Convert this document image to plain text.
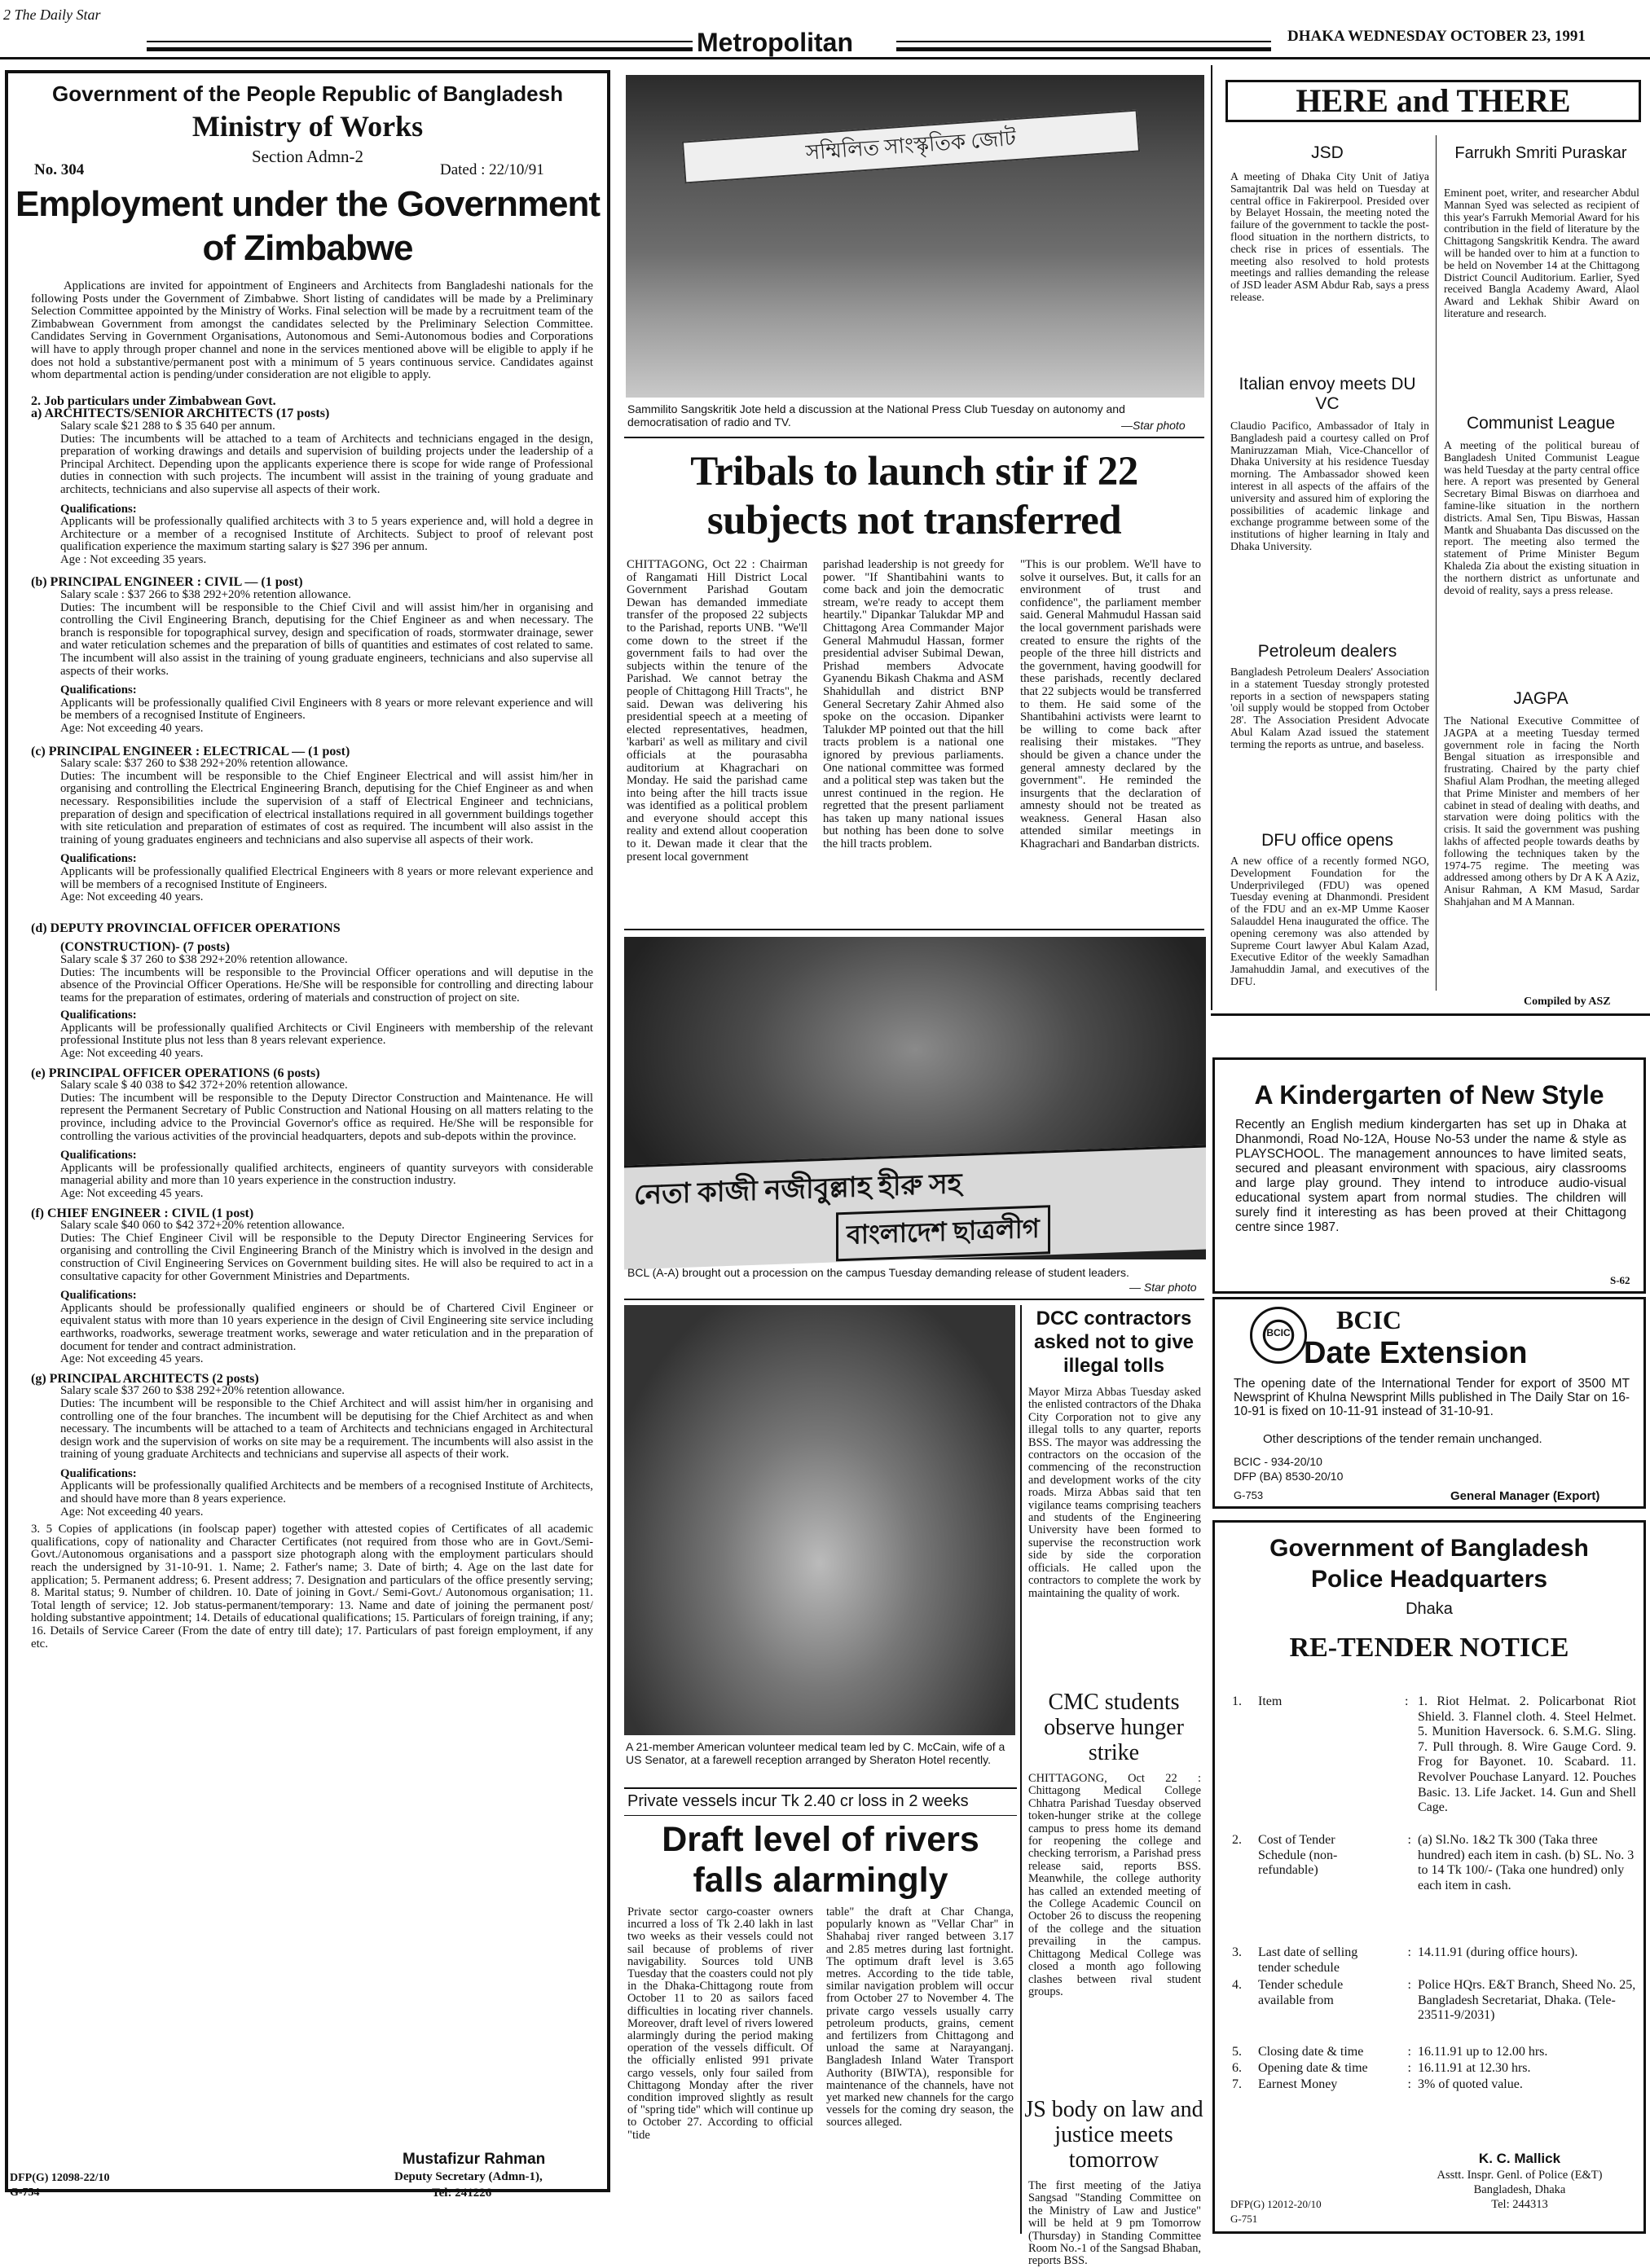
2 The Daily Star
Metropolitan	DHAKA WEDNESDAY OCTOBER 23, 1991
Government of the People Republic of Bangladesh
Ministry of Works
Section Admn-2
No. 304	Dated : 22/10/91
Employment under the Government
of Zimbabwe

Applications are invited for appointment of Engineers and Architects from Bangladeshi nationals for the following Posts under the Government of Zimbabwe. Short listing of candidates will be made by a Preliminary Selection Committee appointed by the Ministry of Works. Final selection will be made by a recruitment team of the Zimbabwean Government from amongst the candidates selected by the Preliminary Selection Committee. Candidates Serving in Government Organisations, Autonomous and Semi-Autonomous bodies and Corporations will have to apply through proper channel and none in the services mentioned above will be eligible to apply if he does not hold a substantive/permanent post with a minimum of 5 years continuous service. Candidates against whom departmental action is pending/under consideration are not eligible to apply.

2. Job particulars under Zimbabwean Govt.

a) ARCHITECTS/SENIOR ARCHITECTS (17 posts)

Salary scale $21 288 to $ 35 640 per annum.

Duties: The incumbents will be attached to a team of Architects and technicians engaged in the design, preparation of working drawings and details and supervision of building projects under the leadership of a Principal Architect. Depending upon the applicants experience there is scope for wide range of Professional duties in connection with such projects. The incumbent will assist in the training of young graduate and architects, technicians and also supervise all aspects of their work.

Qualifications:

Applicants will be professionally qualified architects with 3 to 5 years experience and, will hold a degree in Architecture or a member of a recognised Institute of Architects. Subject to proof of relevant post qualification experience the maximum starting salary is $27 396 per annum.

Age : Not exceeding 35 years.

(b) PRINCIPAL ENGINEER : CIVIL — (1 post)

Salary scale : $37 266 to $38 292+20% retention allowance.

Duties: The incumbent will be responsible to the Chief Civil and will assist him/her in organising and controlling the Civil Engineering Branch, deputising for the Chief Engineer as and when necessary. The branch is responsible for topographical survey, design and specification of roads, stormwater drainage, sewer and water reticulation schemes and the preparation of bills of quantities and estimates of cost related to same. The incumbent will also assist in the training of young graduate engineers, technicians and also supervise all aspects of their works.

Qualifications:

Applicants will be professionally qualified Civil Engineers with 8 years or more relevant experience and will be members of a recognised Institute of Engineers.

Age: Not exceeding 40 years.

(c) PRINCIPAL ENGINEER : ELECTRICAL — (1 post)

Salary scale: $37 260 to $38 292+20% retention allowance.

Duties: The incumbent will be responsible to the Chief Engineer Electrical and will assist him/her in organising and controlling the Electrical Engineering Branch, deputising for the Chief Engineer as and when necessary. Responsibilities include the supervision of a staff of Electrical Engineer and technicians, preparation of design and specification of electrical installations required in all government buildings together with site reticulation and preparation of estimates of cost as required. The incumbent will also assist in the training of young graduates engineers and technicians and also supervise all aspects of their work.

Qualifications:

Applicants will be professionally qualified Electrical Engineers with 8 years or more relevant experience and will be members of a recognised Institute of Engineers.

Age: Not exceeding 40 years.

(d) DEPUTY PROVINCIAL OFFICER OPERATIONS

(CONSTRUCTION)- (7 posts)

Salary scale $ 37 260 to $38 292+20% retention allowance.

Duties: The incumbents will be responsible to the Provincial Officer operations and will deputise in the absence of the Provincial Officer Operations. He/She will be responsible for controlling and directing labour teams for the preparation of estimates, ordering of materials and construction of project on site.

Qualifications:

Applicants will be professionally qualified Architects or Civil Engineers with membership of the relevant professional Institute plus not less than 8 years relevant experience.

Age: Not exceeding 40 years.

(e) PRINCIPAL OFFICER OPERATIONS (6 posts)

Salary scale $ 40 038 to $42 372+20% retention allowance.

Duties: The incumbent will be responsible to the Deputy Director Construction and Maintenance. He will represent the Permanent Secretary of Public Construction and National Housing on all matters relating to the province, including advice to the Provincial Governor's office as required. He/She will be responsible for controlling the various activities of the provincial headquarters, depots and sub-depots within the province.

Qualifications:

Applicants will be professionally qualified architects, engineers of quantity surveyors with considerable managerial ability and more than 10 years experience in the construction industry.

Age: Not exceeding 45 years.

(f) CHIEF ENGINEER : CIVIL (1 post)

Salary scale $40 060 to $42 372+20% retention allowance.

Duties: The Chief Engineer Civil will be responsible to the Deputy Director Engineering Services for organising and controlling the Civil Engineering Branch of the Ministry which is involved in the design and construction of Civil Engineering Services on Government building sites. He will also be required to act in a consultative capacity for other Government Ministries and Departments.

Qualifications:

Applicants should be professionally qualified engineers or should be of Chartered Civil Engineer or equivalent status with more than 10 years experience in the design of Civil Engineering site service including earthworks, roadworks, sewerage treatment works, sewerage and water reticulation and in the preparation of document for tender and contract administration.

Age: Not exceeding 45 years.

(g) PRINCIPAL ARCHITECTS (2 posts)

Salary scale $37 260 to $38 292+20% retention allowance.

Duties: The incumbent will be responsible to the Chief Architect and will assist him/her in organising and controlling one of the four branches. The incumbent will be deputising for the Chief Architect as and when necessary. The incumbents will be attached to a team of Architects and technicians engaged in Architectural design work and the supervision of works on site may be a requirement. The incumbents will also assist in the training of young graduate Architects and technicians and supervise all aspects of their work.

Qualifications:

Applicants will be professionally qualified Architects and be members of a recognised Institute of Architects, and should have more than 8 years experience.

Age: Not exceeding 40 years.

3. 5 Copies of applications (in foolscap paper) together with attested copies of Certificates of all academic qualifications, copy of nationality and Character Certificates (not required from those who are in Govt./Semi-Govt./Autonomous organisations and a passport size photograph along with the employment particulars should reach the undersigned by 31-10-91. 1. Name; 2. Father's name; 3. Date of birth; 4. Age on the last date for application; 5. Permanent address; 6. Present address; 7. Designation and particulars of the office presently serving; 8. Marital status; 9. Number of children. 10. Date of joining in Govt./ Semi-Govt./ Autonomous organisation; 11. Total length of service; 12. Job status-permanent/temporary: 13. Name and date of joining the permanent post/ holding substantive appointment; 14. Details of educational qualifications; 15. Particulars of foreign training, if any; 16. Details of Service Career (From the date of entry till date); 17. Particulars of past foreign employment, if any etc.

Mustafizur Rahman
Deputy Secretary (Admn-1),
Tel: 241226
DFP(G) 12098-22/10
G-754
সম্মিলিত সাংস্কৃতিক জোট
Sammilito Sangskritik Jote held a discussion at the National Press Club Tuesday on autonomy and democratisation of radio and TV.	—Star photo
Tribals to launch stir if 22
subjects not transferred
CHITTAGONG, Oct 22 : Chairman of Rangamati Hill District Local Government Parishad Goutam Dewan has demanded immediate transfer of the proposed 22 subjects to the Parishad, reports UNB. "We'll come down to the street if the government fails to had over the subjects within the tenure of the Parishad. We cannot betray the people of Chittagong Hill Tracts", he said. Dewan was delivering his presidential speech at a meeting of elected representatives, headmen, 'karbari' as well as military and civil officials at the pourasabha auditorium at Khagrachari on Monday. He said the parishad came into being after the hill tracts issue was identified as a political problem and everyone should accept this reality and extend allout cooperation to it. Dewan made it clear that the present local government
parishad leadership is not greedy for power. "If Shantibahini wants to come back and join the democratic stream, we're ready to accept them heartily." Dipankar Talukdar MP and Chittagong Area Commander Major General Mahmudul Hassan, former presidential adviser Subimal Dewan, Prishad members Advocate Gyanendu Bikash Chakma and ASM Shahidullah and district BNP General Secretary Zahir Ahmed also spoke on the occasion. Dipanker Talukder MP pointed out that the hill tracts problem is a national one ignored by previous parliaments. One national committee was formed and a political step was taken but the unrest continued in the region. He regretted that the present parliament has taken up many national issues but nothing has been done to solve the hill tracts problem.
"This is our problem. We'll have to solve it ourselves. But, it calls for an environment of trust and confidence", the parliament member said. General Mahmudul Hassan said the local government parishads were created to ensure the rights of the people of the three hill districts and the government, having goodwill for these parishads, recently declared that 22 subjects would be transferred to them. He said some of the Shantibahini activists were learnt to be willing to come back after realising their mistakes. "They should be given a chance under the general amnesty declared by the government". He reminded the insurgents that the declaration of amnesty should not be treated as weakness. General Hasan also attended similar meetings in Khagrachari and Bandarban districts.
নেতা কাজী নজীবুল্লাহ হীরু সহ
বাংলাদেশ ছাত্রলীগ
BCL (A-A) brought out a procession on the campus Tuesday demanding release of student leaders.
— Star photo
A 21-member American volunteer medical team led by C. McCain, wife of a US Senator, at a farewell reception arranged by Sheraton Hotel recently.
Private vessels incur Tk 2.40 cr loss in 2 weeks
Draft level of rivers
falls alarmingly
Private sector cargo-coaster owners incurred a loss of Tk 2.40 lakh in last two weeks as their vessels could not sail because of problems of river navigability. Sources told UNB Tuesday that the coasters could not ply in the Dhaka-Chittagong route from October 11 to 20 as sailors faced difficulties in locating river channels. Moreover, draft level of rivers lowered alarmingly during the period making operation of the vessels difficult. Of the officially enlisted 991 private cargo vessels, only four sailed from Chittagong Monday after the river condition improved slightly as result of "spring tide" which will continue up to October 27. According to official "tide
table" the draft at Char Changa, popularly known as "Vellar Char" in Shahabaj river ranged between 3.17 and 2.85 metres during last fortnight. The optimum draft level is 3.65 metres. According to the tide table, similar navigation problem will occur from October 27 to November 4. The private cargo vessels usually carry petroleum products, grains, cement and fertilizers from Chittagong and unload the same at Narayanganj. Bangladesh Inland Water Transport Authority (BIWTA), responsible for maintenance of the channels, have not yet marked new channels for the cargo vessels for the coming dry season, the sources alleged.
DCC contractors asked not to give illegal tolls
Mayor Mirza Abbas Tuesday asked the enlisted contractors of the Dhaka City Corporation not to give any illegal tolls to any quarter, reports BSS. The mayor was addressing the contractors on the occasion of the commencing of the reconstruction and development works of the city roads. Mirza Abbas said that ten vigilance teams comprising teachers and students of the Engineering University have been formed to supervise the reconstruction work side by side the corporation officials. He called upon the contractors to complete the work by maintaining the quality of work.
CMC students observe hunger strike
CHITTAGONG, Oct 22 : Chittagong Medical College Chhatra Parishad Tuesday observed token-hunger strike at the college campus to press home its demand for reopening the college and checking terrorism, a Parishad press release said, reports BSS. Meanwhile, the college authority has called an extended meeting of the College Academic Council on October 26 to discuss the reopening of the college and the situation prevailing in the campus. Chittagong Medical College was closed a month ago following clashes between rival student groups.
JS body on law and justice meets tomorrow
The first meeting of the Jatiya Sangsad "Standing Committee on the Ministry of Law and Justice" will be held at 9 pm Tomorrow (Thursday) in Standing Committee Room No.-1 of the Sangsad Bhaban, reports BSS.
HERE and THERE
JSD
A meeting of Dhaka City Unit of Jatiya Samajtantrik Dal was held on Tuesday at central office in Fakirerpool. Presided over by Belayet Hossain, the meeting noted the failure of the government to tackle the post-flood situation in the northern districts, to check rise in prices of essentials. The meeting also resolved to hold protests meetings and rallies demanding the release of JSD leader ASM Abdur Rab, says a press release.
Italian envoy meets DU VC
Claudio Pacifico, Ambassador of Italy in Bangladesh paid a courtesy called on Prof Maniruzzaman Miah, Vice-Chancellor of Dhaka University at his residence Tuesday morning. The Ambassador showed keen interest in all aspects of the affairs of the university and assured him of exploring the possibilities of academic linkage and exchange programme between some of the institutions of higher learning in Italy and Dhaka University.
Petroleum dealers
Bangladesh Petroleum Dealers' Association in a statement Tuesday strongly protested reports in a section of newspapers stating 'oil supply would be stopped from October 28'. The Association President Advocate Abul Kalam Azad issued the statement terming the reports as untrue, and baseless.
DFU office opens
A new office of a recently formed NGO, Development Foundation for the Underprivileged (FDU) was opened Tuesday evening at Dhanmondi. President of the FDU and an ex-MP Umme Kaoser Salauddel Hena inaugurated the office. The opening ceremony was also attended by Supreme Court lawyer Abul Kalam Azad, Executive Editor of the weekly Samadhan Jamahuddin Jamal, and executives of the DFU.
Farrukh Smriti Puraskar
Eminent poet, writer, and researcher Abdul Mannan Syed was selected as recipient of this year's Farrukh Memorial Award for his contribution in the field of literature by the Chittagong Sangskritik Kendra. The award will be handed over to him at a function to be held on November 14 at the Chittagong District Council Auditorium. Earlier, Syed received Bangla Academy Award, Alaol Award and Lekhak Shibir Award on literature and research.
Communist League
A meeting of the political bureau of Bangladesh United Communist League was held Tuesday at the party central office here. A report was presented by General Secretary Bimal Biswas on diarrhoea and famine-like situation in the northern districts. Amal Sen, Tipu Biswas, Hassan Mantk and Shuabanta Das discussed on the report. The meeting also termed the statement of Prime Minister Begum Khaleda Zia about the existing situation in the northern district as unfortunate and devoid of reality, says a press release.
JAGPA
The National Executive Committee of JAGPA at a meeting Tuesday termed government role in facing the North Bengal situation as irresponsible and frustrating. Chaired by the party chief Shafiul Alam Prodhan, the meeting alleged that Prime Minister and members of her cabinet in stead of dealing with deaths, and starvation were doing politics with the crisis. It said the government was pushing lakhs of affected people towards deaths by following the techniques taken by the 1974-75 regime. The meeting was addressed among others by Dr A K A Aziz, Anisur Rahman, A KM Masud, Sardar Shahjahan and M A Mannan.
Compiled by ASZ
A Kindergarten of New Style
Recently an English medium kindergarten has set up in Dhaka at Dhanmondi, Road No-12A, House No-53 under the name & style as PLAYSCHOOL. The management announces to have limited seats, secured and pleasant environment with spacious, airy classrooms and large play ground. They intend to introduce audio-visual educational system apart from normal studies. The children will surely find it interesting as has been proved at their Chittagong centre since 1987.
S-62
BCIC	BCIC
Date Extension
The opening date of the International Tender for export of 3500 MT Newsprint of Khulna Newsprint Mills published in The Daily Star on 16-10-91 is fixed on 10-11-91 instead of 31-10-91.
Other descriptions of the tender remain unchanged.
BCIC - 934-20/10
DFP (BA) 8530-20/10
G-753	General Manager (Export)
Government of Bangladesh
Police Headquarters
Dhaka
RE-TENDER NOTICE
1.	Item	: 1. Riot Helmat. 2. Policarbonat Riot Shield. 3. Flannel cloth. 4. Steel Helmet. 5. Munition Haversock. 6. S.M.G. Sling. 7. Pull through. 8. Wire Gauge Cord. 9. Frog for Bayonet. 10. Scabard. 11. Revolver Pouchase Lanyard. 12. Pouches Basic. 13. Life Jacket. 14. Gun and Shell Cage.
2.	Cost of Tender Schedule (non-refundable)
: (a) Sl.No. 1&2 Tk 300 (Taka three hundred) each item in cash. (b) SL. No. 3 to 14 Tk 100/- (Taka one hundred) only each item in cash.
3.	Last date of selling tender schedule
: 14.11.91 (during office hours).
4.	Tender schedule available from
: Police HQrs. E&T Branch, Sheed No. 25, Bangladesh Secretariat, Dhaka. (Tele-23511-9/2031)
5.	Closing date & time	: 16.11.91 up to 12.00 hrs.
6.	Opening date & time	: 16.11.91 at 12.30 hrs.
7.	Earnest Money	: 3% of quoted value.
K. C. Mallick
Asstt. Inspr. Genl. of Police (E&T)
Bangladesh, Dhaka
Tel: 244313
DFP(G) 12012-20/10
G-751
